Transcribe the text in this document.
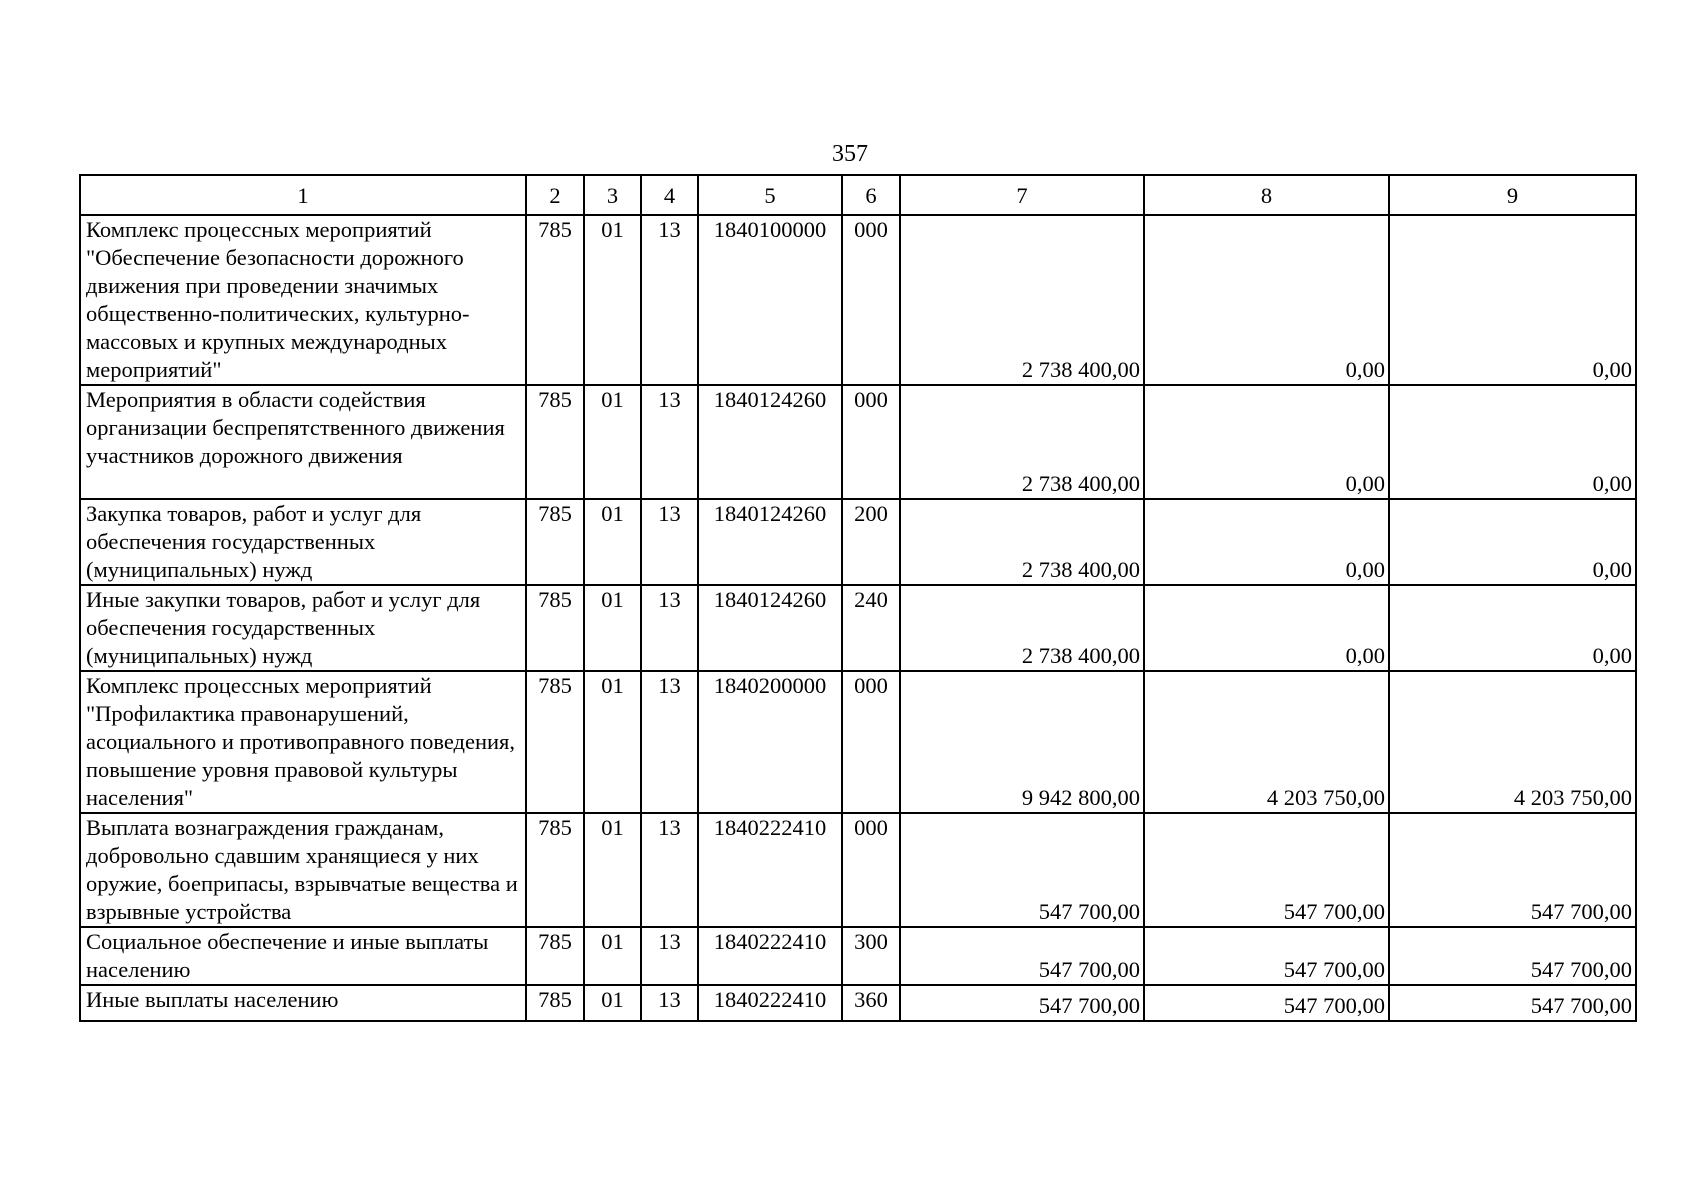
357
1	2	3	4	5	6	7	8	9
Комплекс процессных мероприятий "Обеспечение безопасности дорожного движения при проведении значимых общественно-политических, культурно-массовых и крупных международных мероприятий"	785	01	13	1840100000	000	2 738 400,00	0,00	0,00
Мероприятия в области содействия организации беспрепятственного движения участников дорожного движения	785	01	13	1840124260	000	2 738 400,00	0,00	0,00
Закупка товаров, работ и услуг для обеспечения государственных (муниципальных) нужд	785	01	13	1840124260	200	2 738 400,00	0,00	0,00
Иные закупки товаров, работ и услуг для обеспечения государственных (муниципальных) нужд	785	01	13	1840124260	240	2 738 400,00	0,00	0,00
Комплекс процессных мероприятий "Профилактика правонарушений, асоциального и противоправного поведения, повышение уровня правовой культуры населения"	785	01	13	1840200000	000	9 942 800,00	4 203 750,00	4 203 750,00
Выплата вознаграждения гражданам, добровольно сдавшим хранящиеся у них оружие, боеприпасы, взрывчатые вещества и взрывные устройства	785	01	13	1840222410	000	547 700,00	547 700,00	547 700,00
Социальное обеспечение и иные выплаты населению	785	01	13	1840222410	300	547 700,00	547 700,00	547 700,00
Иные выплаты населению	785	01	13	1840222410	360	547 700,00	547 700,00	547 700,00
